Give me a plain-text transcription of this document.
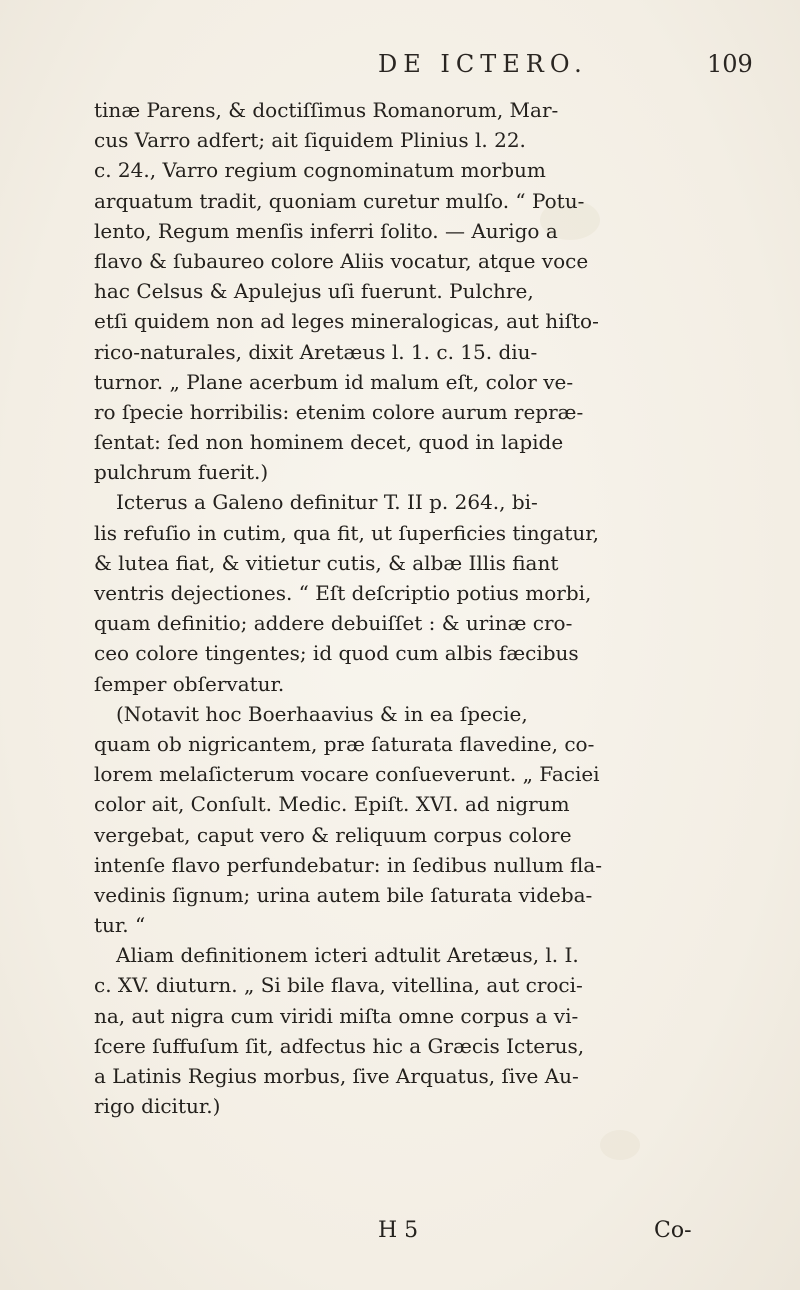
DE ICTERO.	109
tinæ Parens, & doctiſſimus Romanorum, Mar-
cus Varro adfert; ait ſiquidem Plinius l. 22.
c. 24., Varro regium cognominatum morbum
arquatum tradit, quoniam curetur mulſo. “ Potu-
lento, Regum menſis inferri ſolito. — Aurigo a
flavo & ſubaureo colore Aliis vocatur, atque voce
hac Celsus & Apulejus uſi fuerunt. Pulchre,
etſi quidem non ad leges mineralogicas, aut hiſto-
rico-naturales, dixit Aretæus l. 1. c. 15. diu-
turnor. „ Plane acerbum id malum eſt, color ve-
ro ſpecie horribilis: etenim colore aurum repræ-
ſentat: ſed non hominem decet, quod in lapide
pulchrum fuerit.)
Icterus a Galeno definitur T. II p. 264., bi-
lis refuſio in cutim, qua fit, ut ſuperficies tingatur,
& lutea fiat, & vitietur cutis, & albæ Illis fiant
ventris dejectiones. “ Eſt deſcriptio potius morbi,
quam definitio; addere debuiſſet : & urinæ cro-
ceo colore tingentes; id quod cum albis fæcibus
ſemper obſervatur.
(Notavit hoc Boerhaavius & in ea ſpecie,
quam ob nigricantem, præ ſaturata flavedine, co-
lorem melaſicterum vocare conſueverunt. „ Faciei
color ait, Conſult. Medic. Epiſt. XVI. ad nigrum
vergebat, caput vero & reliquum corpus colore
intenſe flavo perfundebatur: in ſedibus nullum fla-
vedinis ſignum; urina autem bile ſaturata videba-
tur. “
Aliam definitionem icteri adtulit Aretæus, l. I.
c. XV. diuturn. „ Si bile flava, vitellina, aut croci-
na, aut nigra cum viridi miſta omne corpus a vi-
ſcere ſuffuſum ſit, adfectus hic a Græcis Icterus,
a Latinis Regius morbus, ſive Arquatus, ſive Au-
rigo dicitur.)
H 5	Co-
